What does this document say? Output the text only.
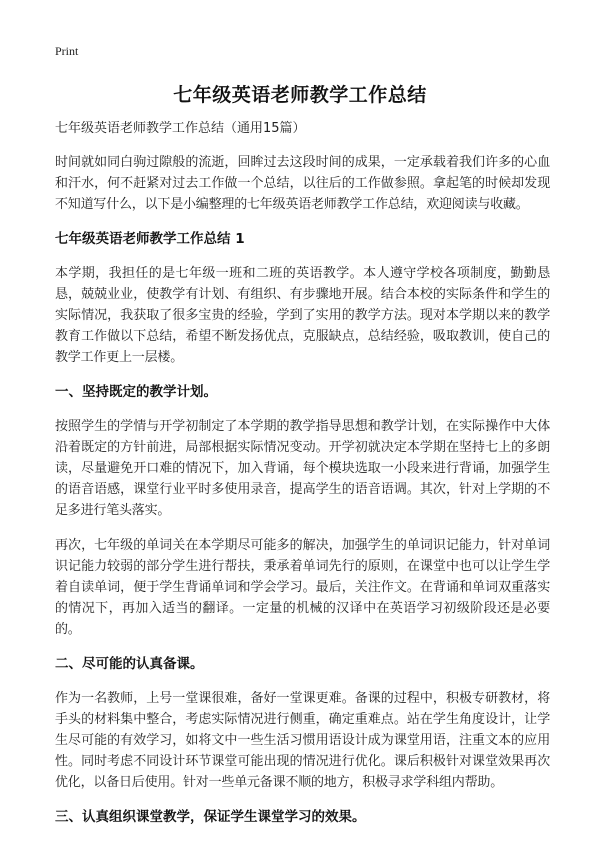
Print
七年级英语老师教学工作总结

七年级英语老师教学工作总结（通用15篇）

时间就如同白驹过隙般的流逝，回眸过去这段时间的成果，一定承载着我们许多的心血和汗水，何不赶紧对过去工作做一个总结，以往后的工作做参照。拿起笔的时候却发现不知道写什么，以下是小编整理的七年级英语老师教学工作总结，欢迎阅读与收藏。

七年级英语老师教学工作总结 1

本学期，我担任的是七年级一班和二班的英语教学。本人遵守学校各项制度，勤勤恳恳，兢兢业业，使教学有计划、有组织、有步骤地开展。结合本校的实际条件和学生的实际情况，我获取了很多宝贵的经验，学到了实用的教学方法。现对本学期以来的教学教育工作做以下总结，希望不断发扬优点，克服缺点，总结经验，吸取教训，使自己的教学工作更上一层楼。

一、坚持既定的教学计划。

按照学生的学情与开学初制定了本学期的教学指导思想和教学计划，在实际操作中大体沿着既定的方针前进，局部根据实际情况变动。开学初就决定本学期在坚持七上的多朗读，尽量避免开口难的情况下，加入背诵，每个模块选取一小段来进行背诵，加强学生的语音语感，课堂行业平时多使用录音，提高学生的语音语调。其次，针对上学期的不足多进行笔头落实。

再次，七年级的单词关在本学期尽可能多的解决，加强学生的单词识记能力，针对单词识记能力较弱的部分学生进行帮扶，秉承着单词先行的原则，在课堂中也可以让学生学着自读单词，便于学生背诵单词和学会学习。最后，关注作文。在背诵和单词双重落实的情况下，再加入适当的翻译。一定量的机械的汉译中在英语学习初级阶段还是必要的。

二、尽可能的认真备课。

作为一名教师，上号一堂课很难，备好一堂课更难。备课的过程中，积极专研教材，将手头的材料集中整合，考虑实际情况进行侧重，确定重难点。站在学生角度设计，让学生尽可能的有效学习，如将文中一些生活习惯用语设计成为课堂用语，注重文本的应用性。同时考虑不同设计环节课堂可能出现的情况进行优化。课后积极针对课堂效果再次优化，以备日后使用。针对一些单元备课不顺的地方，积极寻求学科组内帮助。

三、认真组织课堂教学，保证学生课堂学习的效果。
